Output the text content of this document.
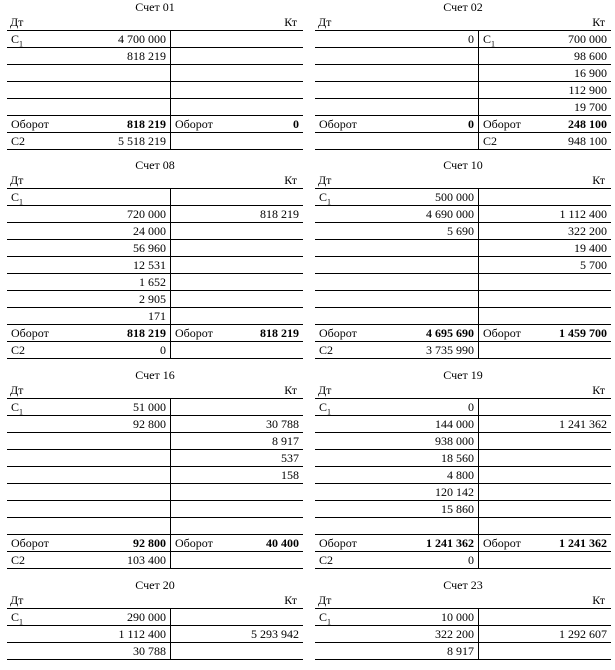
Счет 01
Дт	Кт
$C_1$ 4 700 000	
818 219	

Оборот 818 219	Оборот 0

C2 5 518 219	
Счет 02
Дт	Кт
0	$C_1$ 700 000
	98 600
	16 900
	112 900
	19 700

Оборот 0	Оборот 248 100

	C2 948 100
Счет 08
Дт	Кт
$C_1$

720 000	818 219
24 000	
56 960	
12 531	
1 652	
2 905	
171	

Оборот 818 219	Оборот 818 219

C2 0	
Счет 10
Дт	Кт
$C_1$ 500 000	
4 690 000	1 112 400
5 690	322 200
	19 400
	5 700

Оборот 4 695 690	Оборот 1 459 700

C2 3 735 990	
Счет 16
Дт	Кт
$C_1$ 51 000	
92 800	30 788
	8 917
	537
	158

Оборот 92 800	Оборот 40 400

C2 103 400	
Счет 19
Дт	Кт
$C_1$ 0	
144 000	1 241 362
938 000	
18 560	
4 800	
120 142	
15 860	

Оборот 1 241 362	Оборот 1 241 362

C2 0	
Счет 20
Дт	Кт
$C_1$ 290 000	
1 112 400	5 293 942
30 788	
Счет 23
Дт	Кт
$C_1$ 10 000	
322 200	1 292 607
8 917	
